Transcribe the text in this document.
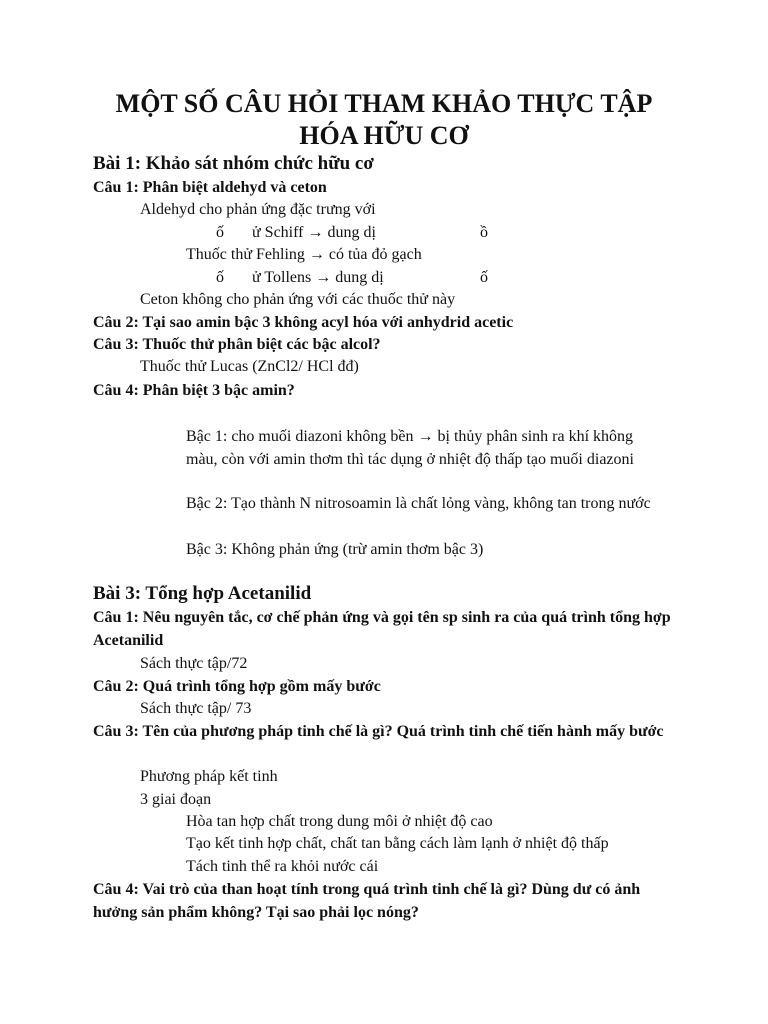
MỘT SỐ CÂU HỎI THAM KHẢO THỰC TẬP
HÓA HỮU CƠ
Bài 1: Khảo sát nhóm chức hữu cơ

Câu 1: Phân biệt aldehyd và ceton

Aldehyd cho phản ứng đặc trưng với

ố ử Schiff → dung dị	ồ

Thuốc thử Fehling → có tủa đỏ gạch

ố ử Tollens → dung dị	ố

Ceton không cho phản ứng với các thuốc thử này

Câu 2: Tại sao amin bậc 3 không acyl hóa với anhydrid acetic

Câu 3: Thuốc thử phân biệt các bậc alcol?

Thuốc thử Lucas (ZnCl2/ HCl đđ)

Câu 4: Phân biệt 3 bậc amin?

Bậc 1: cho muối diazoni không bền → bị thủy phân sinh ra khí không màu, còn với amin thơm thì tác dụng ở nhiệt độ thấp tạo muối diazoni

Bậc 2: Tạo thành N nitrosoamin là chất lỏng vàng, không tan trong nước

Bậc 3: Không phản ứng (trừ amin thơm bậc 3)

Bài 3: Tổng hợp Acetanilid

Câu 1: Nêu nguyên tắc, cơ chế phản ứng và gọi tên sp sinh ra của quá trình tổng hợp Acetanilid

Sách thực tập/72

Câu 2: Quá trình tổng hợp gồm mấy bước

Sách thực tập/ 73

Câu 3: Tên của phương pháp tinh chế là gì? Quá trình tinh chế tiến hành mấy bước

Phương pháp kết tinh

3 giai đoạn

Hòa tan hợp chất trong dung môi ở nhiệt độ cao

Tạo kết tinh hợp chất, chất tan bằng cách làm lạnh ở nhiệt độ thấp

Tách tinh thể ra khỏi nước cái

Câu 4: Vai trò của than hoạt tính trong quá trình tinh chế là gì? Dùng dư có ảnh hưởng sản phẩm không? Tại sao phải lọc nóng?
